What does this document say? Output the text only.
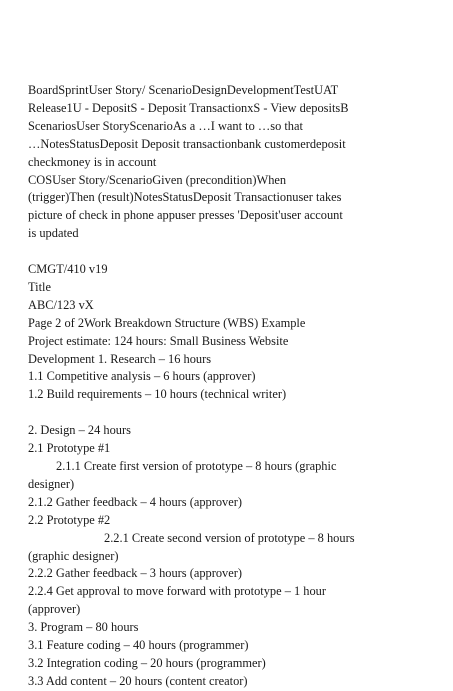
BoardSprintUser Story/ ScenarioDesignDevelopmentTestUAT
Release1U - DepositS - Deposit TransactionxS - View depositsB
ScenariosUser StoryScenarioAs a …I want to …so that
…NotesStatusDeposit Deposit transactionbank customerdeposit
checkmoney is in account
COSUser Story/ScenarioGiven (precondition)When
(trigger)Then (result)NotesStatusDeposit Transactionuser takes
picture of check in phone appuser presses 'Deposit'user account
is updated
CMGT/410 v19
Title
ABC/123 vX
Page 2 of 2Work Breakdown Structure (WBS) Example
Project estimate: 124 hours: Small Business Website
Development 1. Research – 16 hours
1.1 Competitive analysis – 6 hours (approver)
1.2 Build requirements – 10 hours (technical writer)
2. Design – 24 hours
2.1 Prototype #1
2.1.1 Create first version of prototype – 8 hours (graphic
designer)
2.1.2 Gather feedback – 4 hours (approver)
2.2 Prototype #2
2.2.1 Create second version of prototype – 8 hours
(graphic designer)
2.2.2 Gather feedback – 3 hours (approver)
2.2.4 Get approval to move forward with prototype – 1 hour
(approver)
3. Program – 80 hours
3.1 Feature coding – 40 hours (programmer)
3.2 Integration coding – 20 hours (programmer)
3.3 Add content – 20 hours (content creator)
